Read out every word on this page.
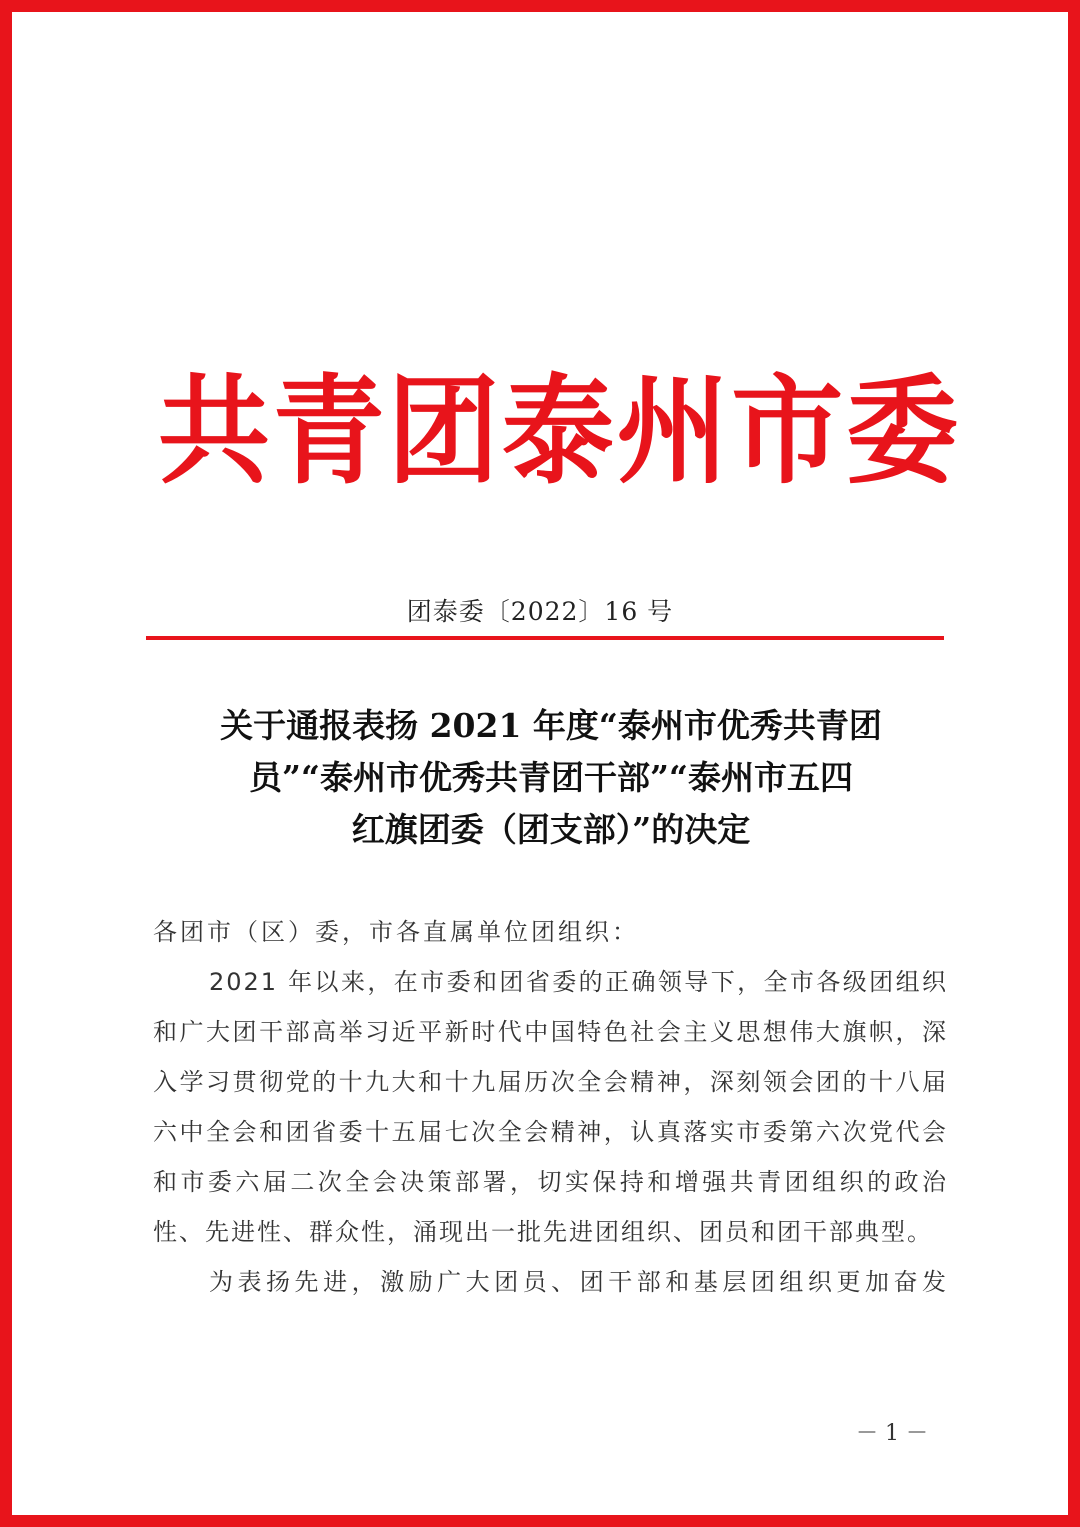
共 青 团 泰 州 市 委
团泰委〔2022〕16 号
关于通报表扬 2021 年度“泰州市优秀共青团
员”“泰州市优秀共青团干部”“泰州市五四
红旗团委（团支部）”的决定

各团市（区）委，市各直属单位团组织：

2021 年以来，在市委和团省委的正确领导下，全市各级团组织和广大团干部高举习近平新时代中国特色社会主义思想伟大旗帜，深入学习贯彻党的十九大和十九届历次全会精神，深刻领会团的十八届六中全会和团省委十五届七次全会精神，认真落实市委第六次党代会和市委六届二次全会决策部署，切实保持和增强共青团组织的政治性、先进性、群众性，涌现出一批先进团组织、团员和团干部典型。

为表扬先进，激励广大团员、团干部和基层团组织更加奋发

－ 1 －
